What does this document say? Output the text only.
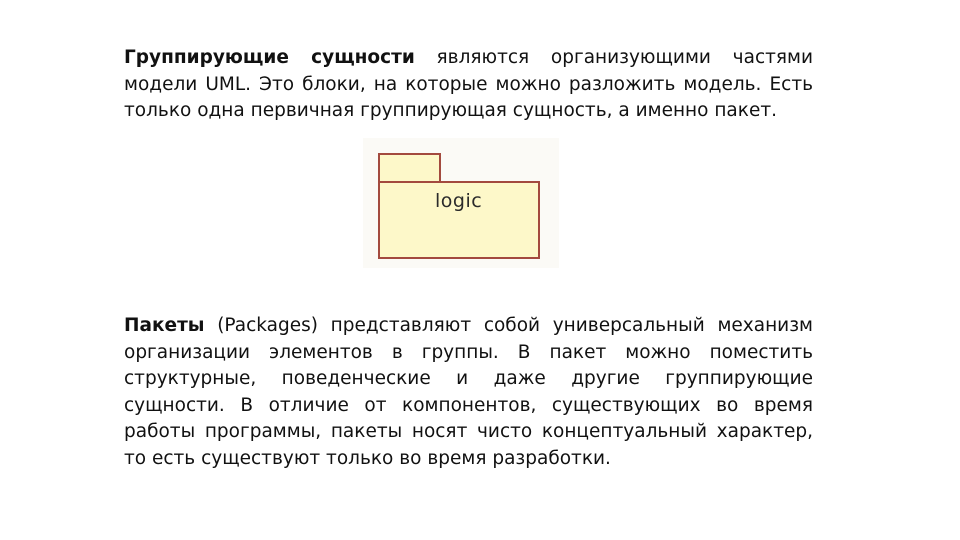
Группирующие сущности являются организующими частями модели UML. Это блоки, на которые можно разложить модель. Есть только одна первичная группирующая сущность, а именно пакет.

logic

Пакеты (Packages) представляют собой универсальный механизм организации элементов в группы. В пакет можно поместить структурные, поведенческие и даже другие группирующие сущности. В отличие от компонентов, существующих во время работы программы, пакеты носят чисто концептуальный характер, то есть существуют только во время разработки.
